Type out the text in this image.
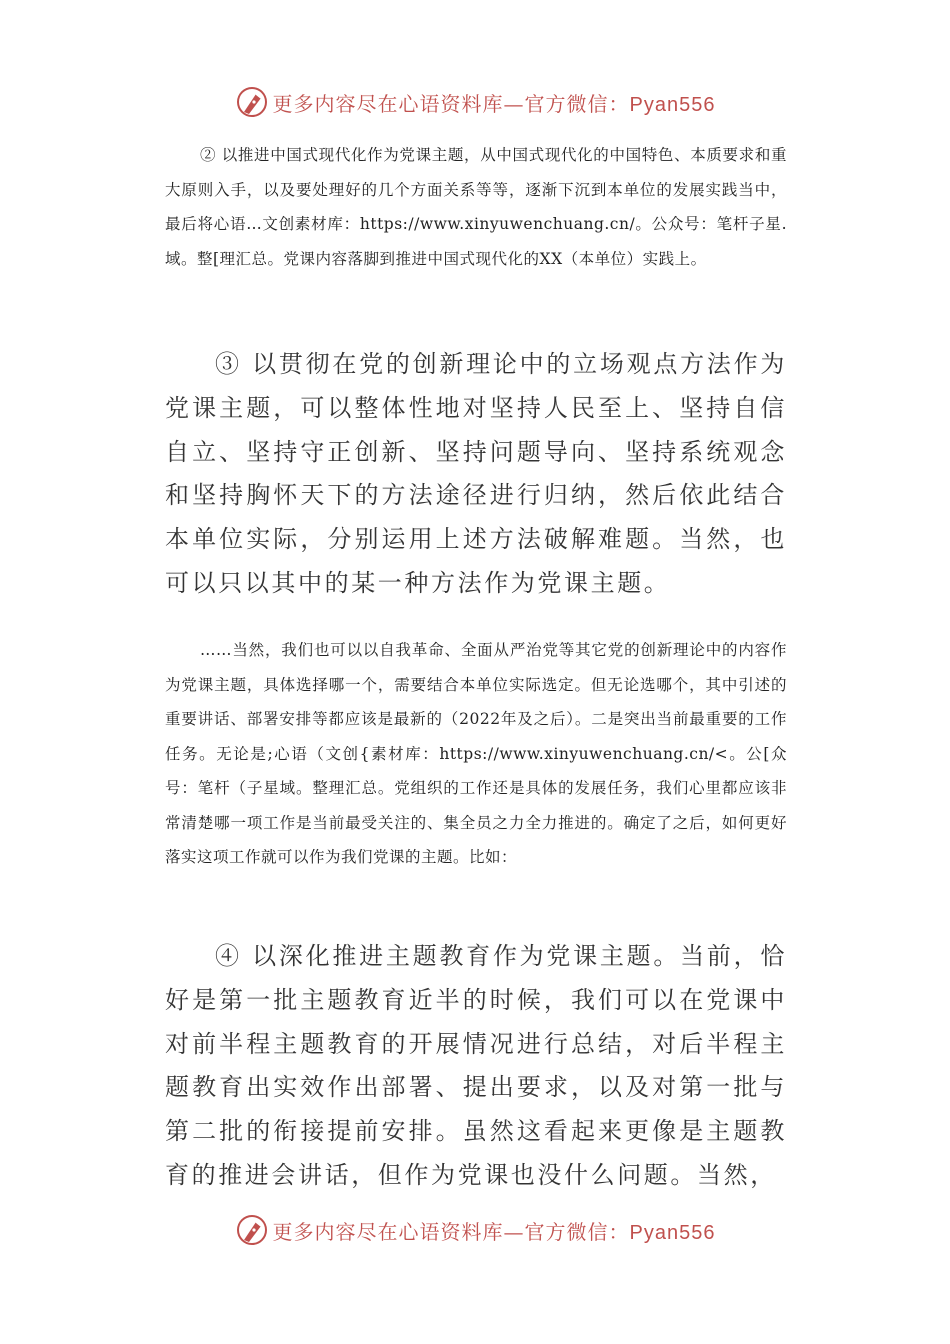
更多内容尽在心语资料库—官方微信：Pyan556

② 以推进中国式现代化作为党课主题，从中国式现代化的中国特色、本质要求和重大原则入手，以及要处理好的几个方面关系等等，逐渐下沉到本单位的发展实践当中，最后将心语…文创素材库：https://www.xinyuwenchuang.cn/。公众号：笔杆子星.域。整[理汇总。党课内容落脚到推进中国式现代化的XX（本单位）实践上。

③ 以贯彻在党的创新理论中的立场观点方法作为党课主题，可以整体性地对坚持人民至上、坚持自信自立、坚持守正创新、坚持问题导向、坚持系统观念和坚持胸怀天下的方法途径进行归纳，然后依此结合本单位实际，分别运用上述方法破解难题。当然，也可以只以其中的某一种方法作为党课主题。

……当然，我们也可以以自我革命、全面从严治党等其它党的创新理论中的内容作为党课主题，具体选择哪一个，需要结合本单位实际选定。但无论选哪个，其中引述的重要讲话、部署安排等都应该是最新的（2022年及之后）。二是突出当前最重要的工作任务。无论是;心语（文创{素材库：https://www.xinyuwenchuang.cn/<。公[众号：笔杆（子星域。整理汇总。党组织的工作还是具体的发展任务，我们心里都应该非常清楚哪一项工作是当前最受关注的、集全员之力全力推进的。确定了之后，如何更好落实这项工作就可以作为我们党课的主题。比如：

④ 以深化推进主题教育作为党课主题。当前，恰好是第一批主题教育近半的时候，我们可以在党课中对前半程主题教育的开展情况进行总结，对后半程主题教育出实效作出部署、提出要求，以及对第一批与第二批的衔接提前安排。虽然这看起来更像是主题教育的推进会讲话，但作为党课也没什么问题。当然，

更多内容尽在心语资料库—官方微信：Pyan556
